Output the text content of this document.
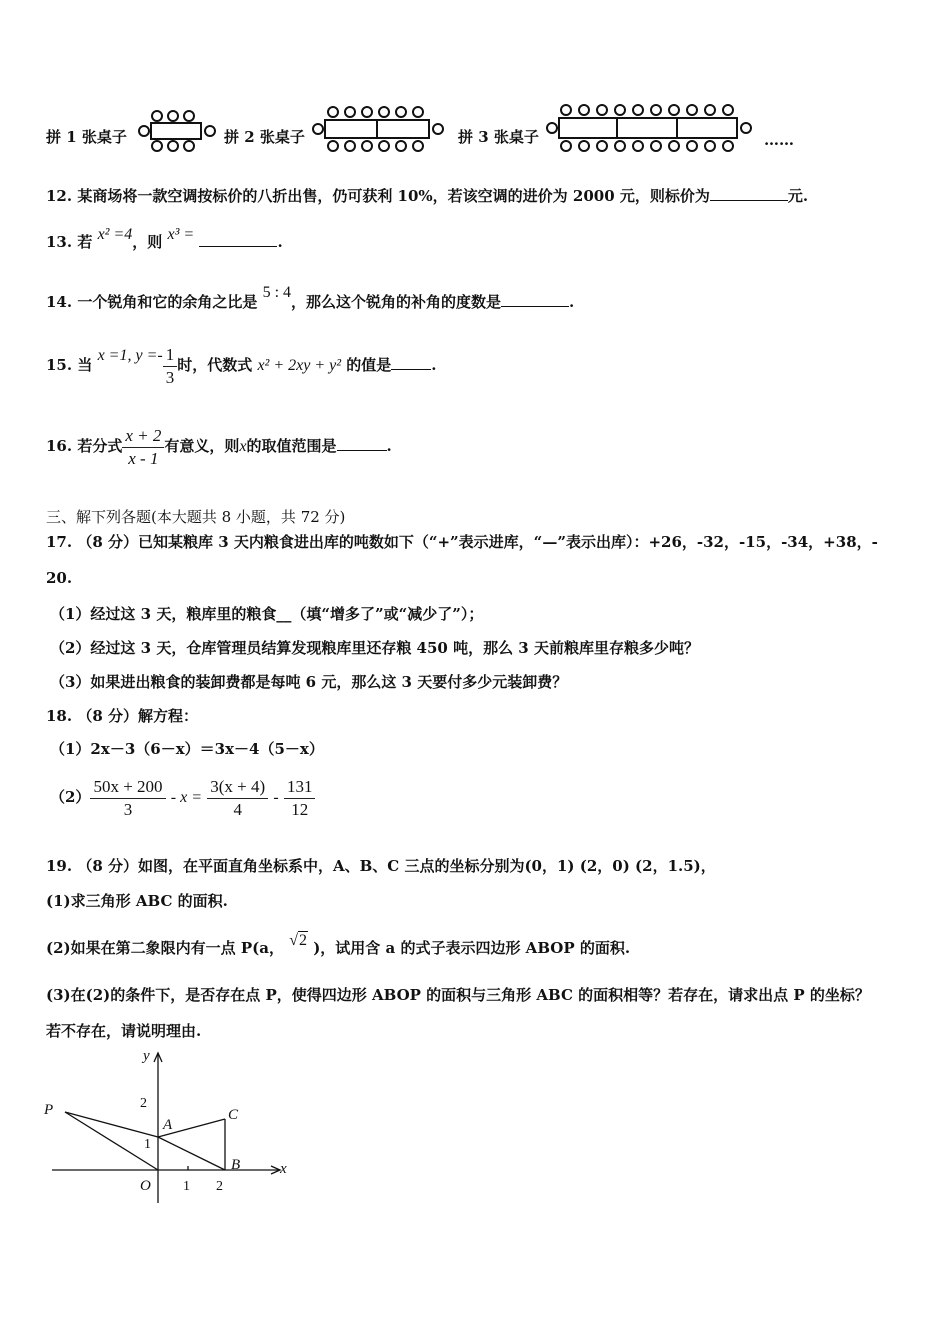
拼 1 张桌子	拼 2 张桌子	拼 3 张桌子	……
12. 某商场将一款空调按标价的八折出售，仍可获利 10%，若该空调的进价为 2000 元，则标价为	元.
13. 若 x² =4，则 x³ =	.
14. 一个锐角和它的余角之比是 5 : 4，那么这个锐角的补角的度数是	.
15. 当 x =1, $y =- \frac{1}{3}$ 时，代数式 x² + 2xy + y² 的值是	.
16. 若分式 $\frac{x + 2}{x - 1}$ 有意义，则x的取值范围是	.
三、解下列各题(本大题共 8 小题，共 72 分)
17. （8 分）已知某粮库 3 天内粮食进出库的吨数如下（“+”表示进库，“—”表示出库）：+26，-32，-15，-34，+38，-
20.
（1）经过这 3 天，粮库里的粮食__（填“增多了”或“减少了”）；
（2）经过这 3 天，仓库管理员结算发现粮库里还存粮 450 吨，那么 3 天前粮库里存粮多少吨？
（3）如果进出粮食的装卸费都是每吨 6 元，那么这 3 天要付多少元装卸费？
18. （8 分）解方程：
（1）2x－3（6－x）＝3x－4（5－x）
$(2) \frac{50x + 200}{3} - x = \frac{3(x + 4)}{4} - \frac{131}{12}$
19. （8 分）如图，在平面直角坐标系中，A、B、C 三点的坐标分别为(0，1) (2，0) (2，1.5)，
(1)求三角形 ABC 的面积.
(2)如果在第二象限内有一点 P(a， √2 )，试用含 a 的式子表示四边形 ABOP 的面积.
(3)在(2)的条件下，是否存在点 P，使得四边形 ABOP 的面积与三角形 ABC 的面积相等？若存在，请求出点 P 的坐标？
若不存在，请说明理由.
y
x
O
P
A
B
C
1 2
1
2
